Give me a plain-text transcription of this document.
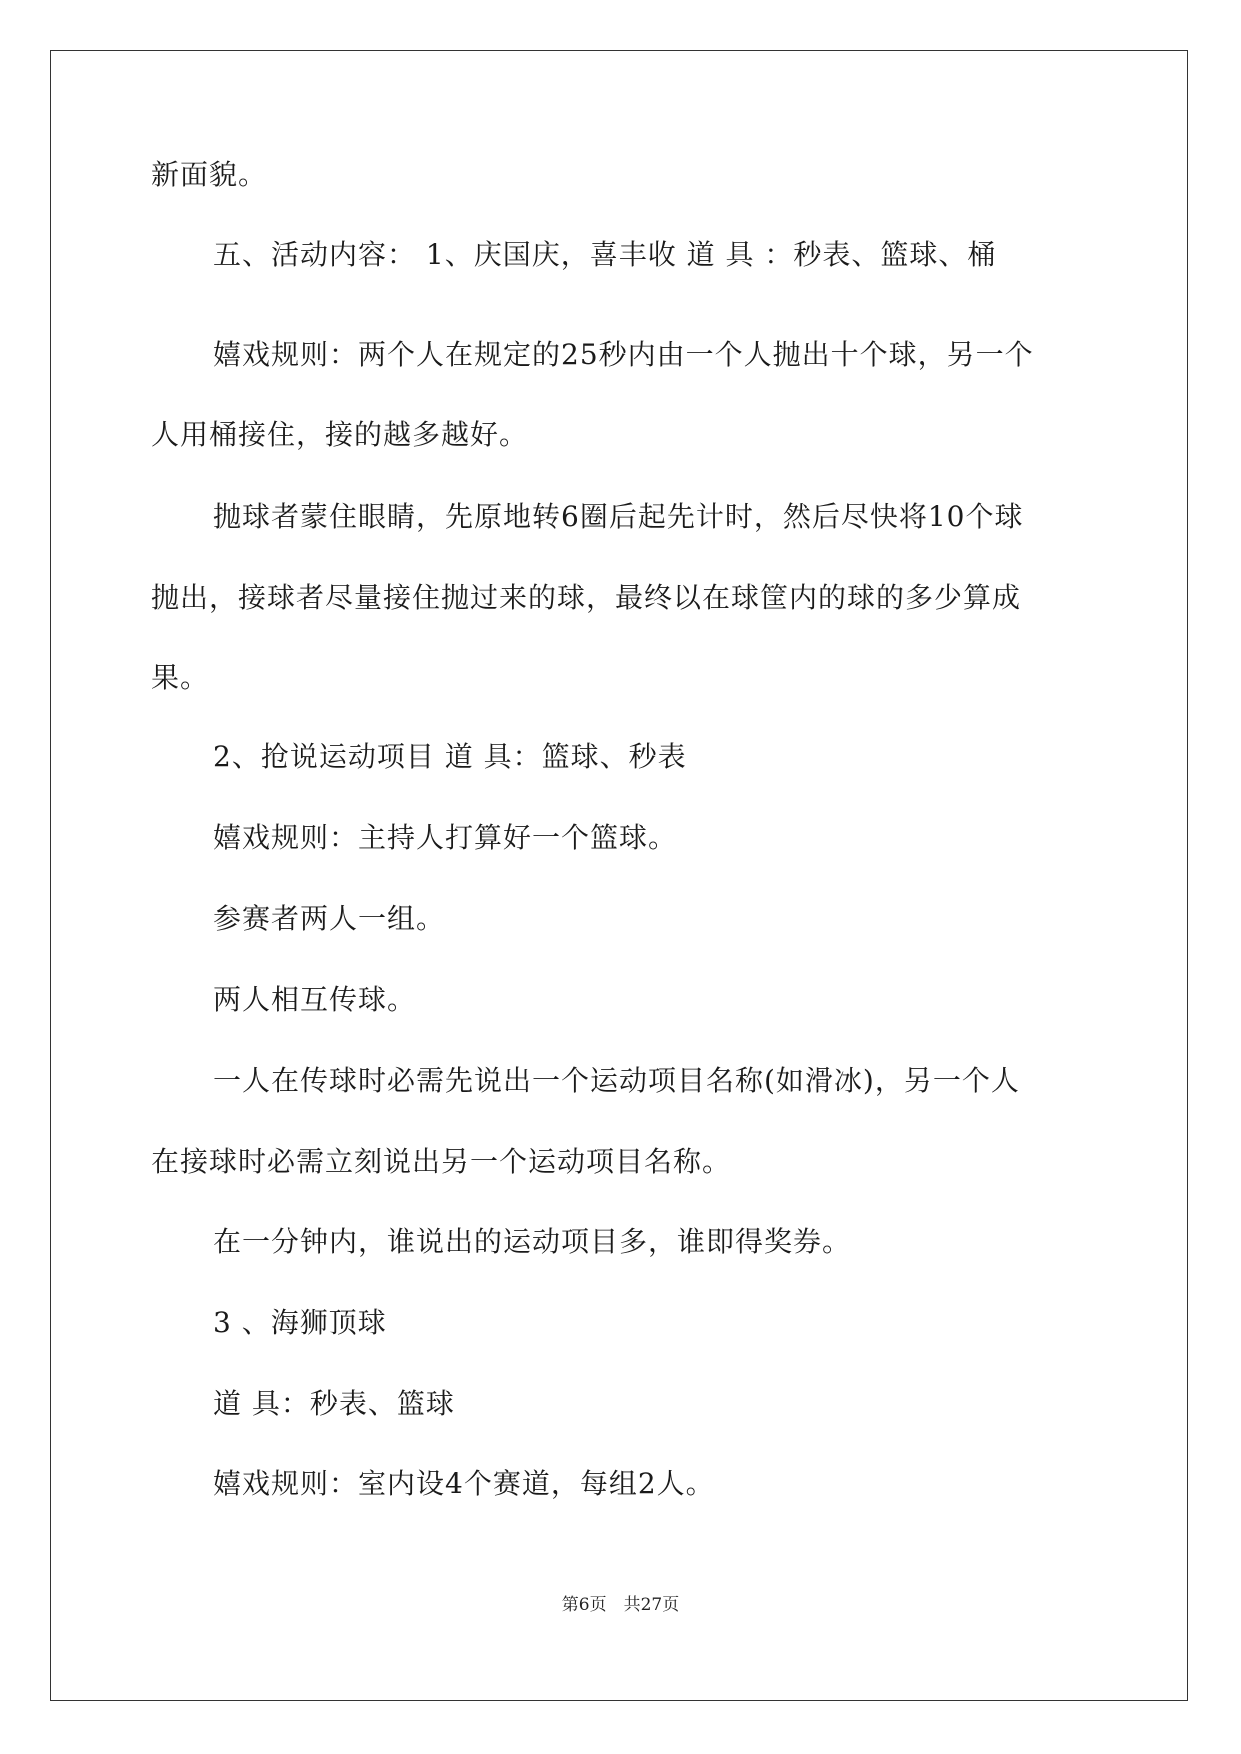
新面貌。
五、活动内容： 1、庆国庆，喜丰收 道 具 ：秒表、篮球、桶
嬉戏规则：两个人在规定的25秒内由一个人抛出十个球，另一个
人用桶接住，接的越多越好。
抛球者蒙住眼睛，先原地转6圈后起先计时，然后尽快将10个球
抛出，接球者尽量接住抛过来的球，最终以在球筐内的球的多少算成
果。
2、抢说运动项目 道 具：篮球、秒表
嬉戏规则：主持人打算好一个篮球。
参赛者两人一组。
两人相互传球。
一人在传球时必需先说出一个运动项目名称(如滑冰)，另一个人
在接球时必需立刻说出另一个运动项目名称。
在一分钟内，谁说出的运动项目多，谁即得奖券。
3 、海狮顶球
道 具：秒表、篮球
嬉戏规则：室内设4个赛道，每组2人。
第6页　共27页
